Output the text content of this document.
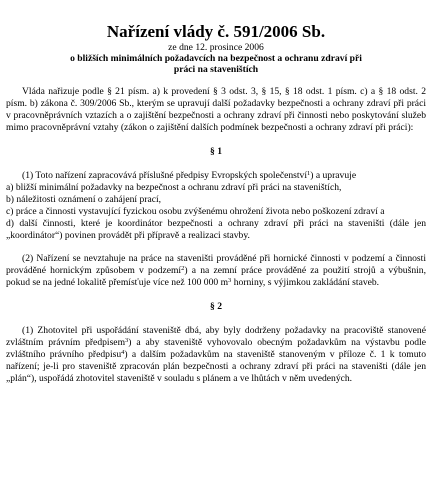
Nařízení vlády č. 591/2006 Sb.
ze dne 12. prosince 2006
o bližších minimálních požadavcích na bezpečnost a ochranu zdraví při práci na staveništích

Vláda nařizuje podle § 21 písm. a) k provedení § 3 odst. 3, § 15, § 18 odst. 1 písm. c) a § 18 odst. 2 písm. b) zákona č. 309/2006 Sb., kterým se upravují další požadavky bezpečnosti a ochrany zdraví při práci v pracovněprávních vztazích a o zajištění bezpečnosti a ochrany zdraví při činnosti nebo poskytování služeb mimo pracovněprávní vztahy (zákon o zajištění dalších podmínek bezpečnosti a ochrany zdraví při práci):

§ 1

(1) Toto nařízení zapracovává příslušné předpisy Evropských společenství$^1$) a upravuje

a) bližší minimální požadavky na bezpečnost a ochranu zdraví při práci na staveništích,

b) náležitosti oznámení o zahájení prací,

c) práce a činnosti vystavující fyzickou osobu zvýšenému ohrožení života nebo poškození zdraví a

d) další činnosti, které je koordinátor bezpečnosti a ochrany zdraví při práci na staveništi (dále jen „koordinátor“) povinen provádět při přípravě a realizaci stavby.

(2) Nařízení se nevztahuje na práce na staveništi prováděné při hornické činnosti v podzemí a činnosti prováděné hornickým způsobem v podzemí$^2$) a na zemní práce prováděné za použití strojů a výbušnin, pokud se na jedné lokalitě přemísťuje více než 100 000 $m^3$ horniny, s výjimkou zakládání staveb.

§ 2

(1) Zhotovitel při uspořádání staveniště dbá, aby byly dodrženy požadavky na pracoviště stanovené zvláštním právním předpisem$^3$) a aby staveniště vyhovovalo obecným požadavkům na výstavbu podle zvláštního právního předpisu$^4$) a dalším požadavkům na staveniště stanoveným v příloze č. 1 k tomuto nařízení; je-li pro staveniště zpracován plán bezpečnosti a ochrany zdraví při práci na staveništi (dále jen „plán“), uspořádá zhotovitel staveniště v souladu s plánem a ve lhůtách v něm uvedených.
